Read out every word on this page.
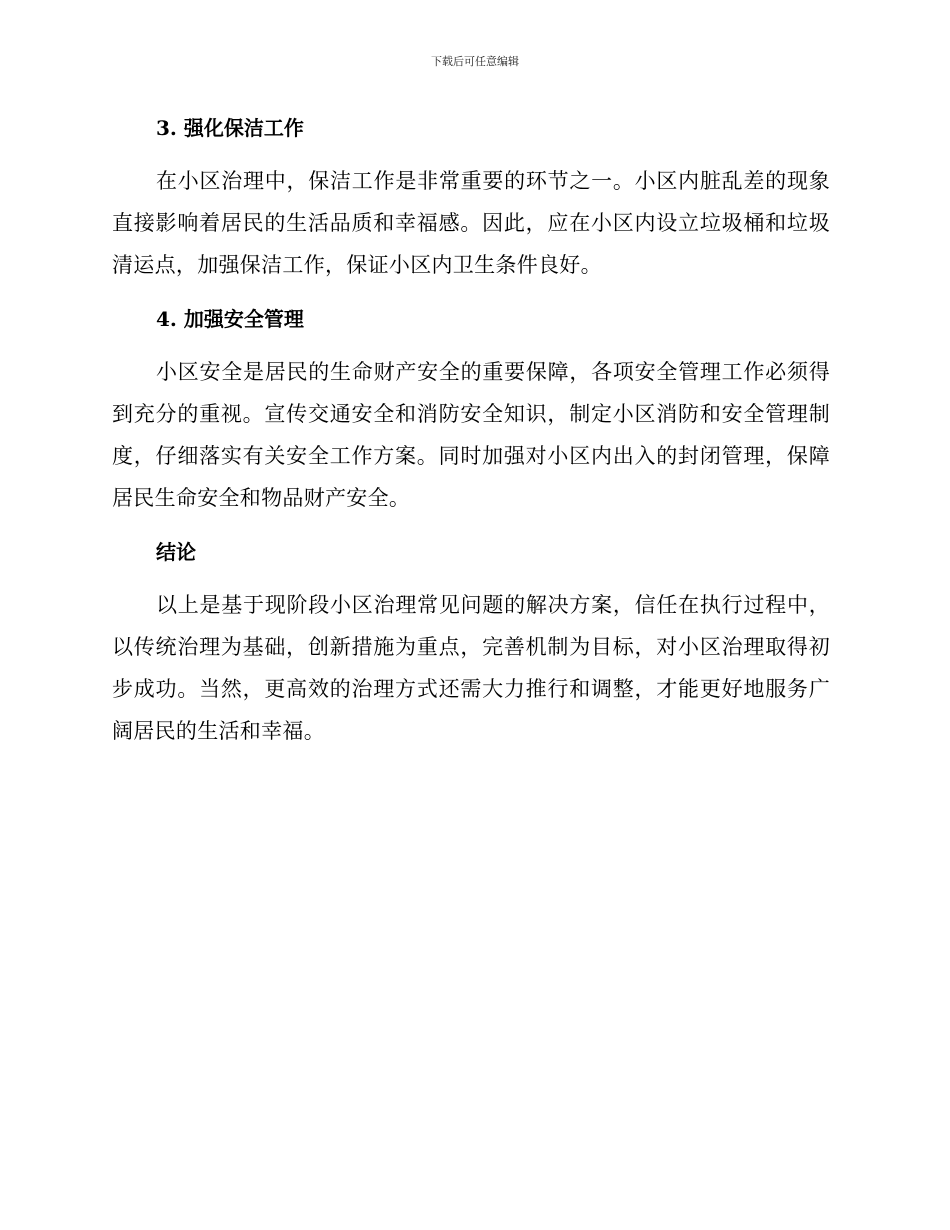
下载后可任意编辑
3. 强化保洁工作

在小区治理中，保洁工作是非常重要的环节之一。小区内脏乱差的现象直接影响着居民的生活品质和幸福感。因此，应在小区内设立垃圾桶和垃圾清运点，加强保洁工作，保证小区内卫生条件良好。

4. 加强安全管理

小区安全是居民的生命财产安全的重要保障，各项安全管理工作必须得到充分的重视。宣传交通安全和消防安全知识，制定小区消防和安全管理制度，仔细落实有关安全工作方案。同时加强对小区内出入的封闭管理，保障居民生命安全和物品财产安全。

结论

以上是基于现阶段小区治理常见问题的解决方案，信任在执行过程中，以传统治理为基础，创新措施为重点，完善机制为目标，对小区治理取得初步成功。当然，更高效的治理方式还需大力推行和调整，才能更好地服务广阔居民的生活和幸福。
